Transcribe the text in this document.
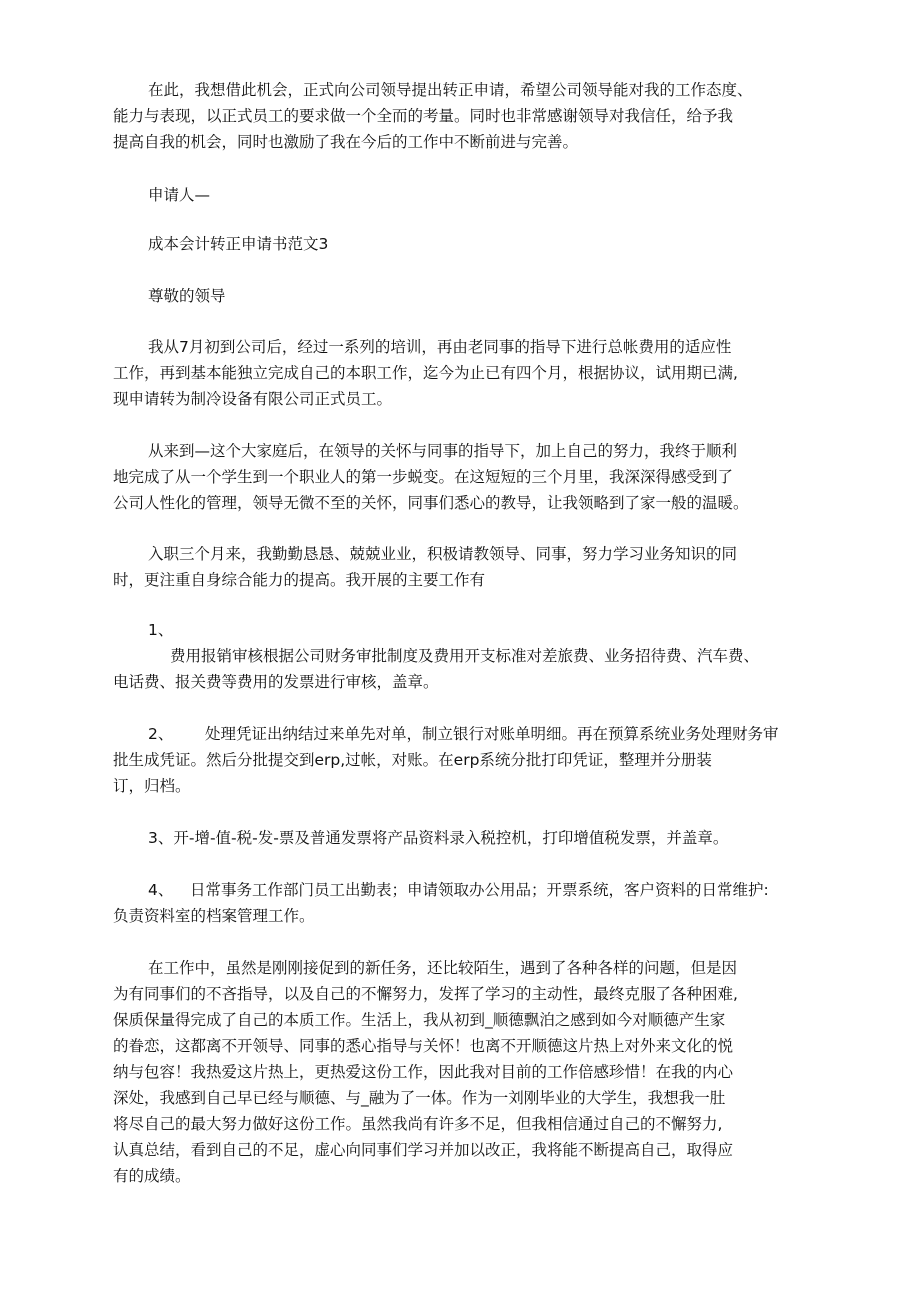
在此，我想借此机会，正式向公司领导提出转正申请，希望公司领导能对我的工作态度、
能力与表现，以正式员工的要求做一个全而的考量。同时也非常感谢领导对我信任，给予我
提高自我的机会，同时也激励了我在今后的工作中不断前进与完善。
申请人—
成本会计转正申请书范文3
尊敬的领导
我从7月初到公司后，经过一系列的培训，再由老同事的指导下进行总帐费用的适应性
工作，再到基本能独立完成自己的本职工作，迄今为止已有四个月，根据协议，试用期已满,
现申请转为制冷设备有限公司正式员工。
从来到—这个大家庭后，在领导的关怀与同事的指导下，加上自己的努力，我终于顺利
地完成了从一个学生到一个职业人的第一步蜕变。在这短短的三个月里，我深深得感受到了
公司人性化的管理，领导无微不至的关怀，同事们悉心的教导，让我领略到了家一般的温暖。
入职三个月来，我勤勤恳恳、兢兢业业，积极请教领导、同事，努力学习业务知识的同
时，更注重自身综合能力的提高。我开展的主要工作有
1、
费用报销审核根据公司财务审批制度及费用开支标准对差旅费、业务招待费、汽车费、
电话费、报关费等费用的发票进行审核，盖章。
2、 处理凭证出纳结过来单先对单，制立银行对账单明细。再在预算系统业务处理财务审
批生成凭证。然后分批提交到erp,过帐，对账。在erp系统分批打印凭证，整理并分册装
订，归档。
3、开-增-值-税-发-票及普通发票将产品资料录入税控机，打印增值税发票，并盖章。
4、 日常事务工作部门员工出勤表；申请领取办公用品；开票系统，客户资料的日常维护:
负责资料室的档案管理工作。
在工作中，虽然是刚刚接促到的新任务，还比较陌生，遇到了各种各样的问题，但是因
为有同事们的不吝指导，以及自己的不懈努力，发挥了学习的主动性，最终克服了各种困难,
保质保量得完成了自己的本质工作。生活上，我从初到_顺德飘泊之感到如今对顺德产生家
的眷恋，这都离不开领导、同事的悉心指导与关怀！也离不开顺德这片热上对外来文化的悦
纳与包容！我热爱这片热上，更热爱这份工作，因此我对目前的工作倍感珍惜！在我的内心
深处，我感到自己早已经与顺德、与_融为了一体。作为一刘刚毕业的大学生，我想我一肚
将尽自己的最大努力做好这份工作。虽然我尚有许多不足，但我相信通过自己的不懈努力,
认真总结，看到自己的不足，虚心向同事们学习并加以改正，我将能不断提高自己，取得应
有的成绩。
